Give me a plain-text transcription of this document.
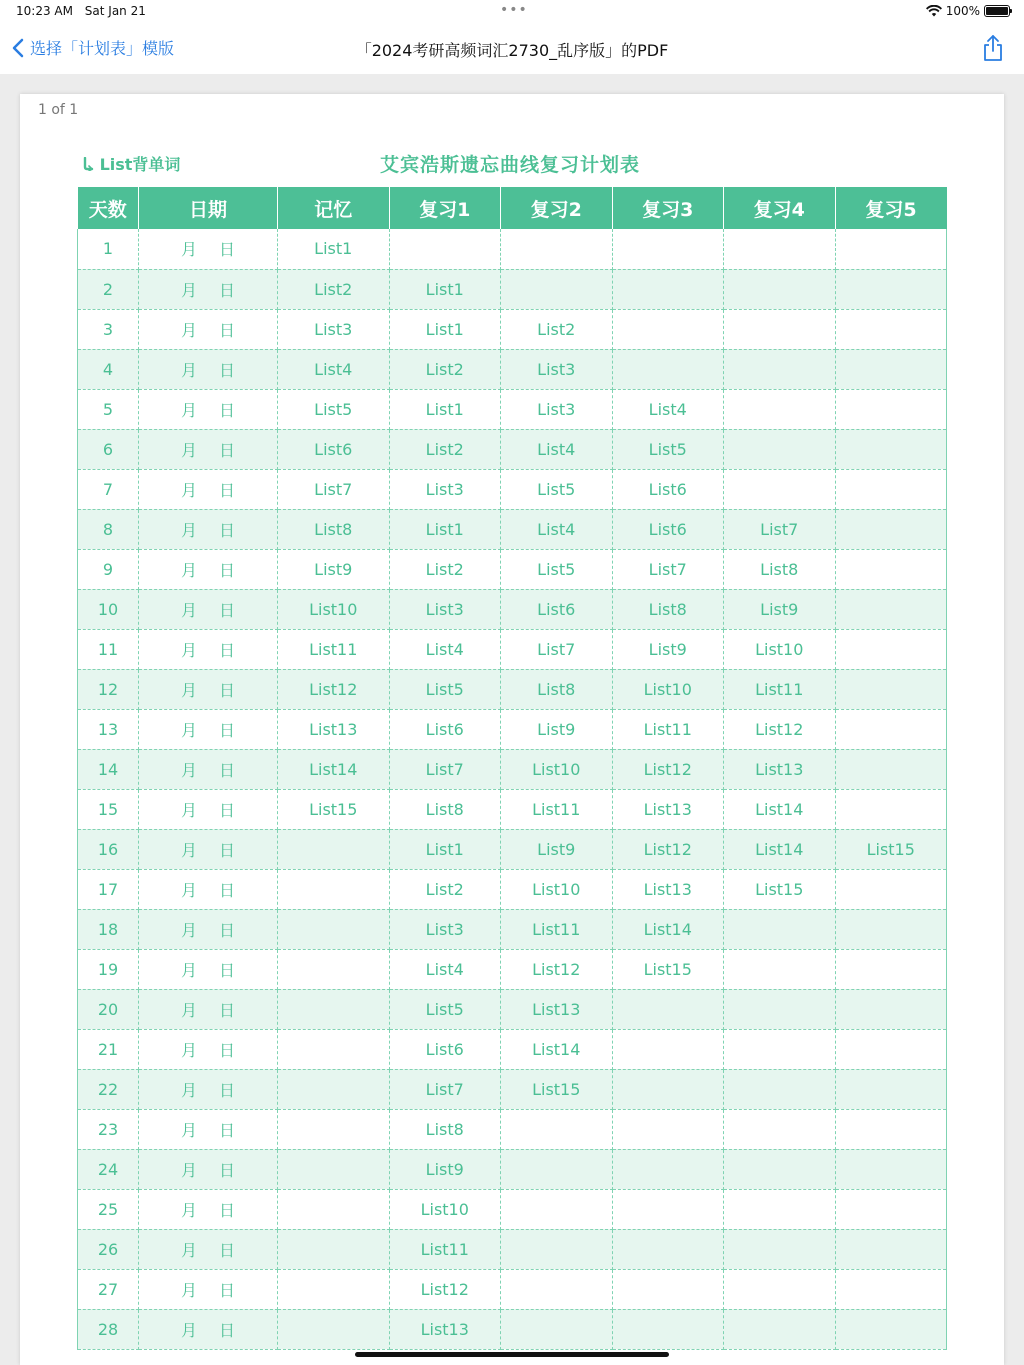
10:23 AM Sat Jan 21	•••	100%
选择「计划表」模版	「2024考研高频词汇2730_乱序版」的PDF
1 of 1
List背单词	艾宾浩斯遗忘曲线复习计划表
天数	日期	记忆	复习1	复习2	复习3	复习4	复习5
1	月 日	List1					
2	月 日	List2	List1				
3	月 日	List3	List1	List2			
4	月 日	List4	List2	List3			
5	月 日	List5	List1	List3	List4		
6	月 日	List6	List2	List4	List5		
7	月 日	List7	List3	List5	List6		
8	月 日	List8	List1	List4	List6	List7	
9	月 日	List9	List2	List5	List7	List8	
10	月 日	List10	List3	List6	List8	List9	
11	月 日	List11	List4	List7	List9	List10	
12	月 日	List12	List5	List8	List10	List11	
13	月 日	List13	List6	List9	List11	List12	
14	月 日	List14	List7	List10	List12	List13	
15	月 日	List15	List8	List11	List13	List14	
16	月 日		List1	List9	List12	List14	List15
17	月 日		List2	List10	List13	List15	
18	月 日		List3	List11	List14		
19	月 日		List4	List12	List15		
20	月 日		List5	List13			
21	月 日		List6	List14			
22	月 日		List7	List15			
23	月 日		List8				
24	月 日		List9				
25	月 日		List10				
26	月 日		List11				
27	月 日		List12				
28	月 日		List13				
